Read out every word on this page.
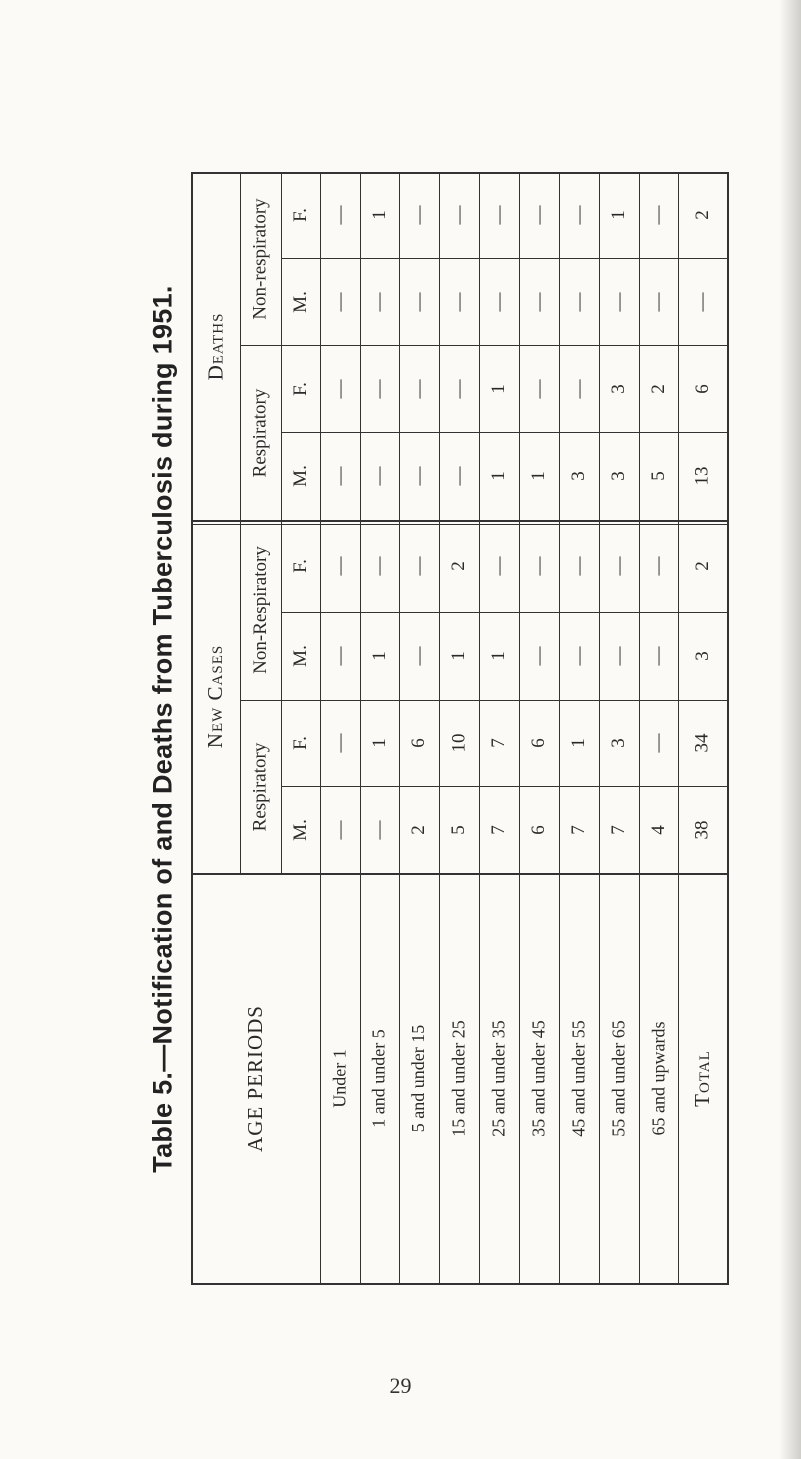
Table 5.—Notification of and Deaths from Tuberculosis during 1951. Deaths
New Cases
AGE PERIODS
Non-respiratory
Respiratory
Non-Respiratory
Respiratory
F. — 1 — — — — — 1 — 2
M. — — — — — — — — — —
F. — — — — 1 — — 3 2 6
M. — — — — 1 1 3 3 5 13
F. — — — 2 — — — — — 2
M. — 1 — 1 1 — — — — 3
F. — 1 6 10 7 6 1 3 — 34
M. — — 2 5 7 6 7 7 4 38
Under 1 1 and under 5 5 and under 15 15 and under 25 25 and under 35 35 and under 45 45 and under 55 55 and under 65 65 and upwards Total
29
